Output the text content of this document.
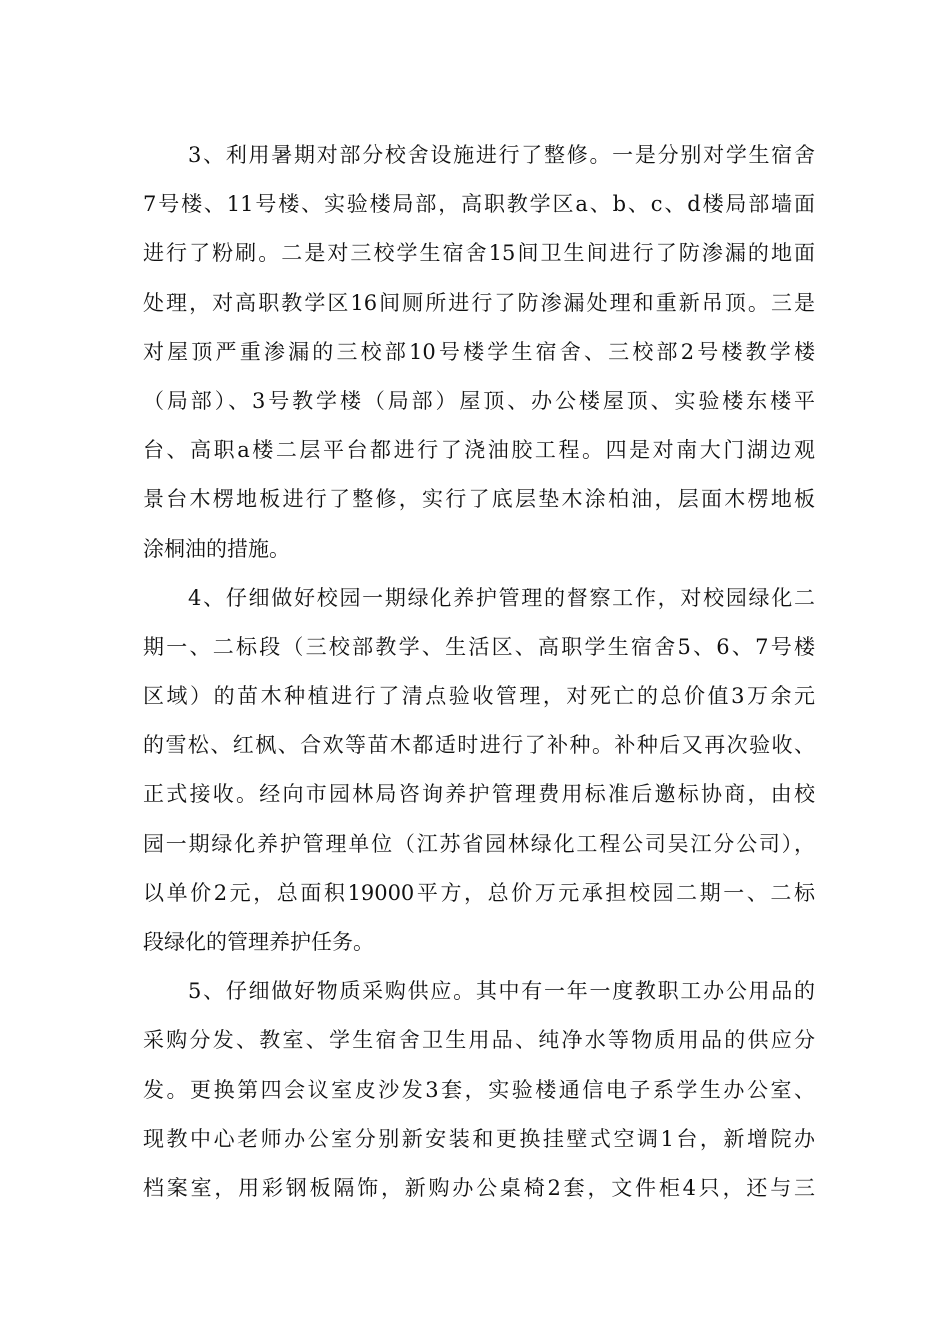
3、利用暑期对部分校舍设施进行了整修。一是分别对学生宿舍
7号楼、11号楼、实验楼局部，高职教学区a、b、c、d楼局部墙面
进行了粉刷。二是对三校学生宿舍15间卫生间进行了防渗漏的地面
处理，对高职教学区16间厕所进行了防渗漏处理和重新吊顶。三是
对屋顶严重渗漏的三校部10号楼学生宿舍、三校部2号楼教学楼
（局部）、3号教学楼（局部）屋顶、办公楼屋顶、实验楼东楼平
台、高职a楼二层平台都进行了浇油胶工程。四是对南大门湖边观
景台木楞地板进行了整修，实行了底层垫木涂柏油，层面木楞地板
涂桐油的措施。
4、仔细做好校园一期绿化养护管理的督察工作，对校园绿化二
期一、二标段（三校部教学、生活区、高职学生宿舍5、6、7号楼
区域）的苗木种植进行了清点验收管理，对死亡的总价值3万余元
的雪松、红枫、合欢等苗木都适时进行了补种。补种后又再次验收、
正式接收。经向市园林局咨询养护管理费用标准后邀标协商，由校
园一期绿化养护管理单位（江苏省园林绿化工程公司吴江分公司），
以单价2元，总面积19000平方，总价万元承担校园二期一、二标
段绿化的管理养护任务。
5、仔细做好物质采购供应。其中有一年一度教职工办公用品的
采购分发、教室、学生宿舍卫生用品、纯净水等物质用品的供应分
发。更换第四会议室皮沙发3套，实验楼通信电子系学生办公室、
现教中心老师办公室分别新安装和更换挂壁式空调1台，新增院办
档案室，用彩钢板隔饰，新购办公桌椅2套，文件柜4只，还与三
